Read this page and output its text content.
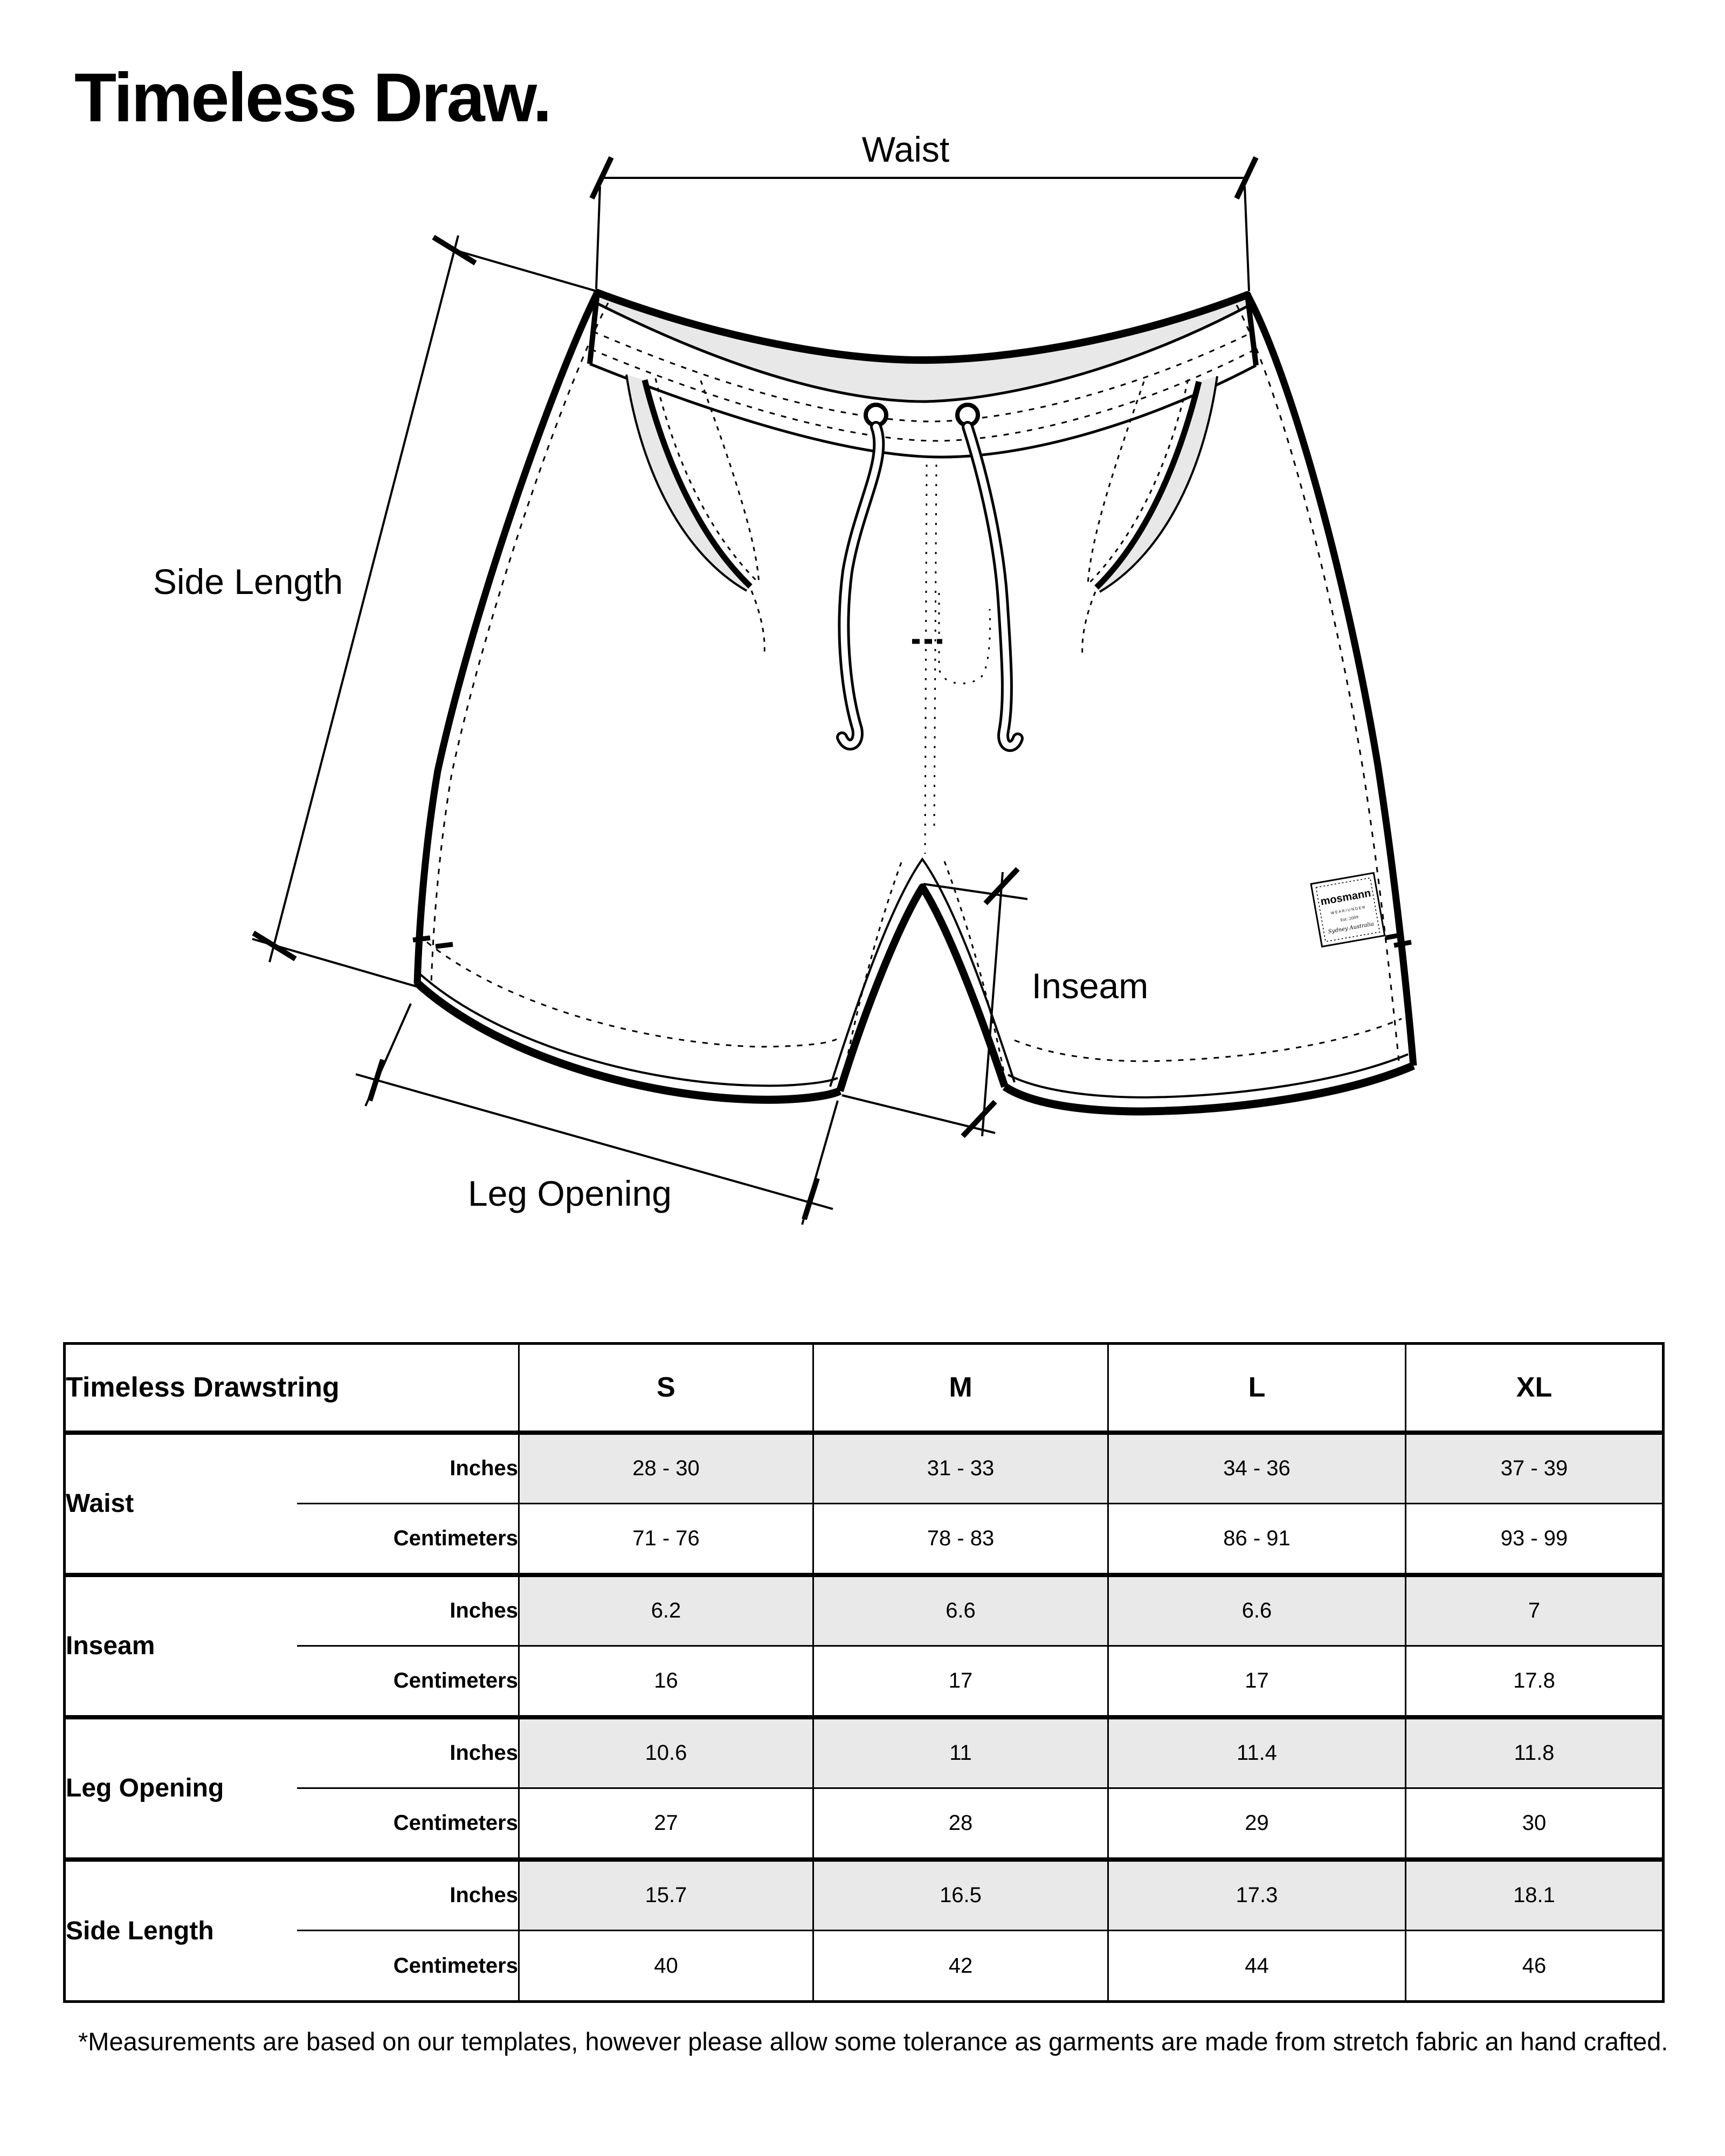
Timeless Draw.
Waist
Side Length
Inseam
Leg Opening
mosmann
W E A R / U N D E R
Est. 2009
Sydney Australia
Timeless Drawstring		S	M	L	XL
Waist	Inches	28 - 30	31 - 33	34 - 36	37 - 39
	Centimeters	71 - 76	78 - 83	86 - 91	93 - 99
Inseam	Inches	6.2	6.6	6.6	7
	Centimeters	16	17	17	17.8
Leg Opening	Inches	10.6	11	11.4	11.8
	Centimeters	27	28	29	30
Side Length	Inches	15.7	16.5	17.3	18.1
	Centimeters	40	42	44	46
*Measurements are based on our templates, however please allow some tolerance as garments are made from stretch fabric an hand crafted.
